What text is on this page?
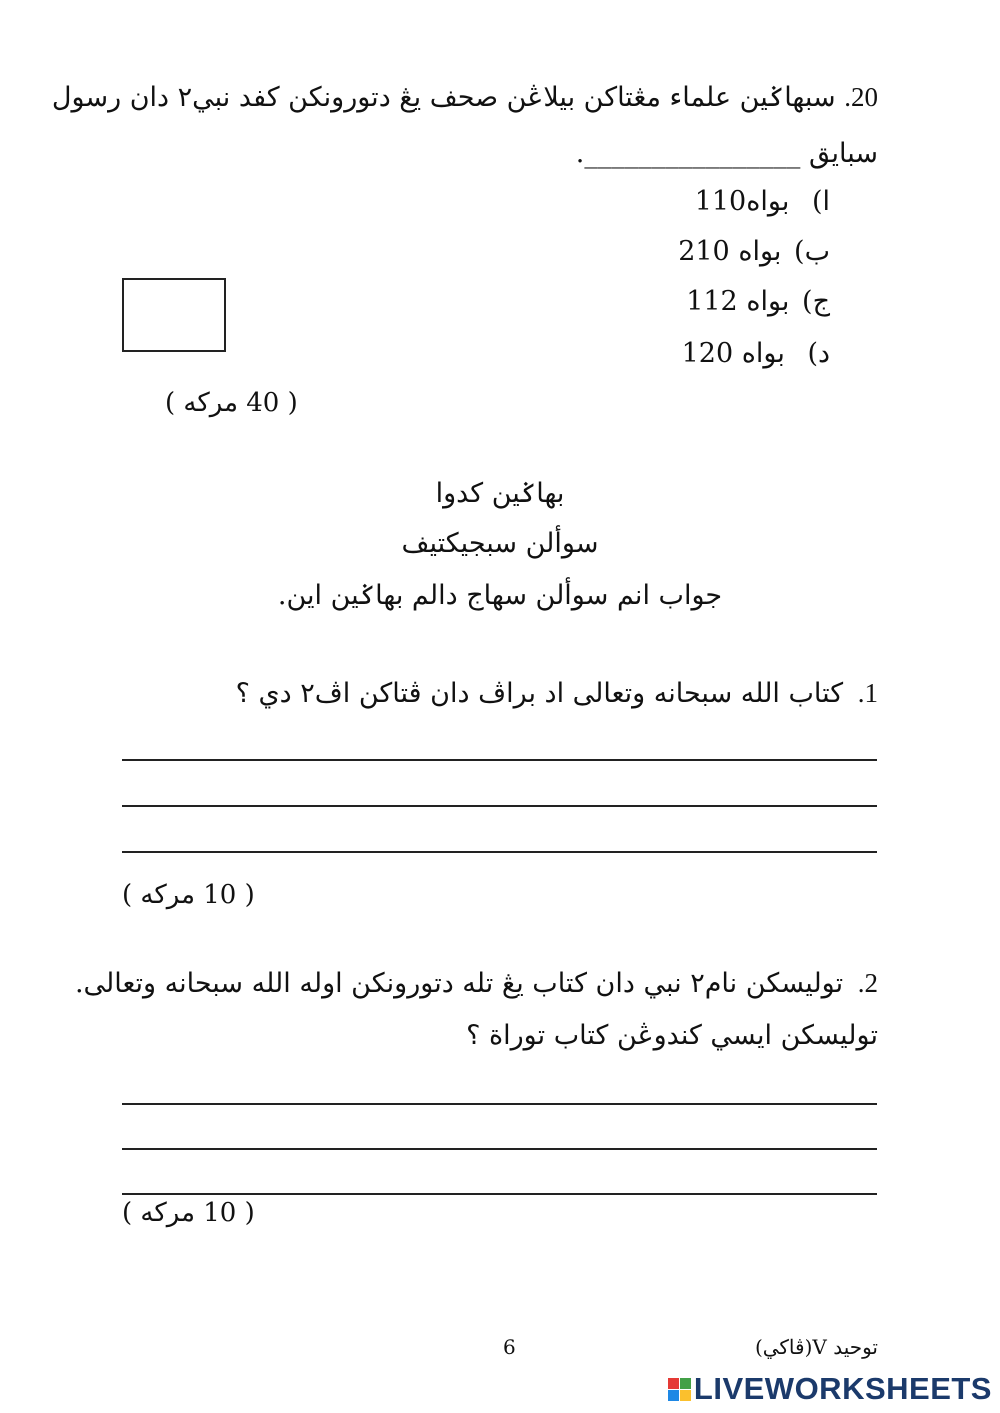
20. سبهاݢين علماء مڠتاكن بيلاڠن صحف يڠ دتورونكن كفد نبي٢ دان رسول
سبايق ________________.
ا) بواه110
ب) بواه 210
ج) بواه 112
د) بواه 120
( 40 مركه )
بهاݢين كدوا
سوألن سبجيكتيف
جواب انم سوألن سهاج دالم بهاݢين اين.
1. كتاب الله سبحانه وتعالى اد براڤ دان ڤتاكن اڤ٢ دي ؟
( 10 مركه )
2. توليسكن نام٢ نبي دان كتاب يڠ تله دتورونكن اوله الله سبحانه وتعالى.
توليسكن ايسي كندوڠن كتاب توراة ؟
( 10 مركه )
6	توحيد V(ڤاكي)
LIVEWORKSHEETS
